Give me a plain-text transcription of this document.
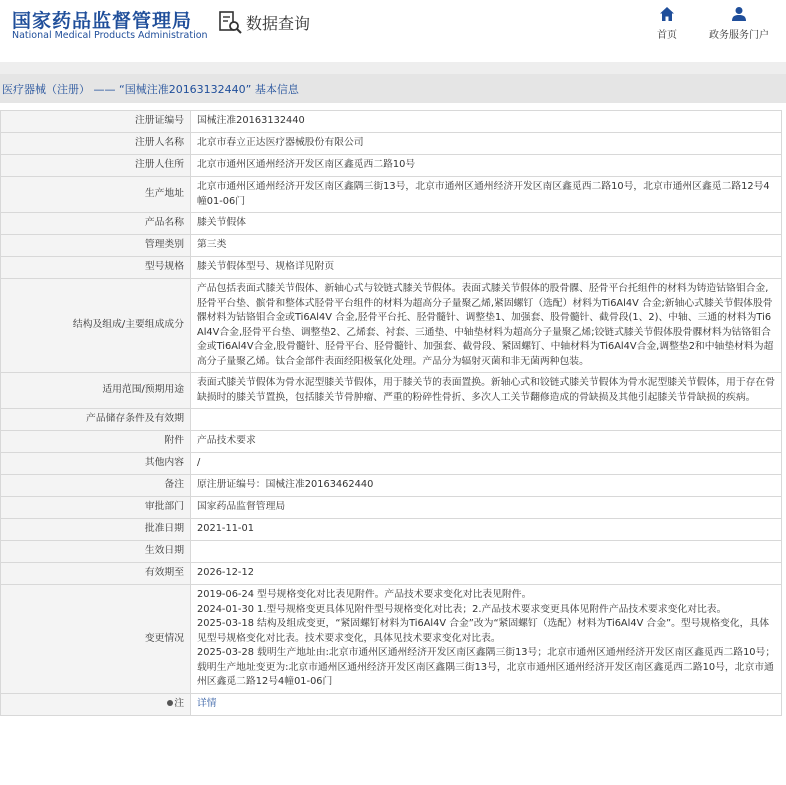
国家药品监督管理局
National Medical Products Administration
数据查询
首页	政务服务门户
医疗器械（注册） —— “国械注准20163132440” 基本信息
注册证编号	国械注准20163132440
注册人名称	北京市春立正达医疗器械股份有限公司
注册人住所	北京市通州区通州经济开发区南区鑫觅西二路10号
生产地址	北京市通州区通州经济开发区南区鑫隅三街13号，北京市通州区通州经济开发区南区鑫觅西二路10号，北京市通州区鑫觅二路12号4幢01-06门
产品名称	膝关节假体
管理类别	第三类
型号规格	膝关节假体型号、规格详见附页
结构及组成/主要组成成分	产品包括表面式膝关节假体、新轴心式与铰链式膝关节假体。表面式膝关节假体的股骨髁、胫骨平台托组件的材料为铸造钴铬钼合金,胫骨平台垫、髌骨和整体式胫骨平台组件的材料为超高分子量聚乙烯,紧固螺钉（选配）材料为Ti6Al4V 合金;新轴心式膝关节假体股骨髁材料为钴铬钼合金或Ti6Al4V 合金,胫骨平台托、胫骨髓针、调整垫1、加强套、股骨髓针、截骨段(1、2)、中轴、三通的材料为Ti6Al4V合金,胫骨平台垫、调整垫2、乙烯套、衬套、三通垫、中轴垫材料为超高分子量聚乙烯;铰链式膝关节假体股骨髁材料为钴铬钼合金或Ti6Al4V合金,股骨髓针、胫骨平台、胫骨髓针、加强套、截骨段、紧固螺钉、中轴材料为Ti6Al4V合金,调整垫2和中轴垫材料为超高分子量聚乙烯。钛合金部件表面经阳极氧化处理。产品分为辐射灭菌和非无菌两种包装。
适用范围/预期用途	表面式膝关节假体为骨水泥型膝关节假体，用于膝关节的表面置换。新轴心式和铰链式膝关节假体为骨水泥型膝关节假体，用于存在骨缺损时的膝关节置换，包括膝关节骨肿瘤、严重的粉碎性骨折、多次人工关节翻修造成的骨缺损及其他引起膝关节骨缺损的疾病。
产品储存条件及有效期	
附件	产品技术要求
其他内容	/
备注	原注册证编号：国械注准20163462440
审批部门	国家药品监督管理局
批准日期	2021-11-01
生效日期	
有效期至	2026-12-12
变更情况	2019-06-24 型号规格变化对比表见附件。产品技术要求变化对比表见附件。
2024-01-30 1.型号规格变更具体见附件型号规格变化对比表；2.产品技术要求变更具体见附件产品技术要求变化对比表。
2025-03-18 结构及组成变更，“紧固螺钉材料为Ti6Al4V 合金”改为“紧固螺钉（选配）材料为Ti6Al4V 合金”。型号规格变化，具体见型号规格变化对比表。技术要求变化，具体见技术要求变化对比表。
2025-03-28 载明生产地址由:北京市通州区通州经济开发区南区鑫隅三街13号；北京市通州区通州经济开发区南区鑫觅西二路10号；载明生产地址变更为:北京市通州区通州经济开发区南区鑫隅三街13号，北京市通州区通州经济开发区南区鑫觅西二路10号，北京市通州区鑫觅二路12号4幢01-06门

注	详情
